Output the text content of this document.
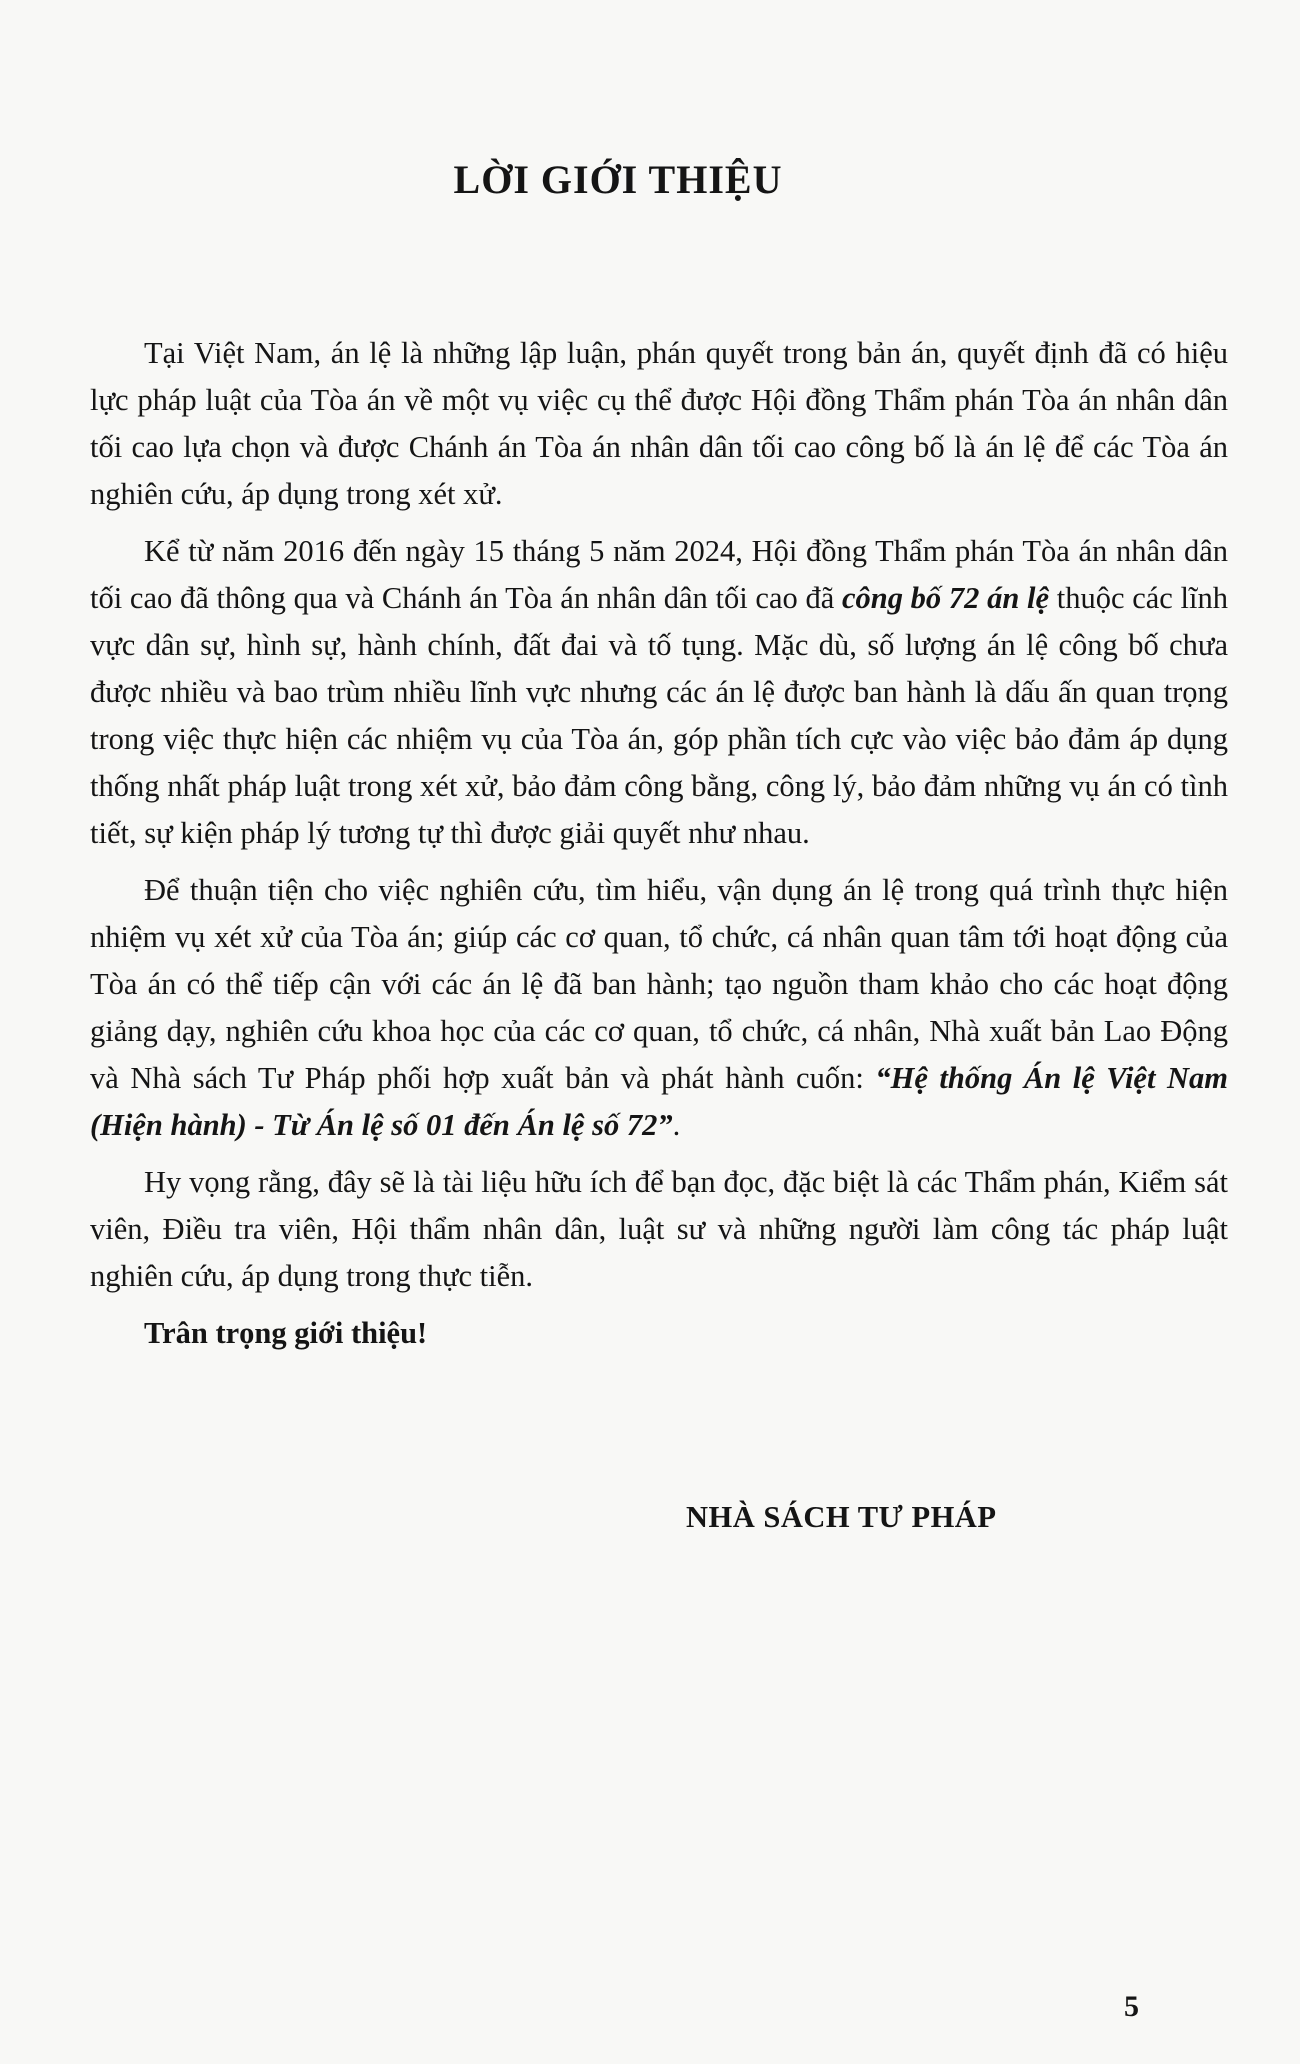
LỜI GIỚI THIỆU

Tại Việt Nam, án lệ là những lập luận, phán quyết trong bản án, quyết định đã có hiệu lực pháp luật của Tòa án về một vụ việc cụ thể được Hội đồng Thẩm phán Tòa án nhân dân tối cao lựa chọn và được Chánh án Tòa án nhân dân tối cao công bố là án lệ để các Tòa án nghiên cứu, áp dụng trong xét xử.

Kể từ năm 2016 đến ngày 15 tháng 5 năm 2024, Hội đồng Thẩm phán Tòa án nhân dân tối cao đã thông qua và Chánh án Tòa án nhân dân tối cao đã công bố 72 án lệ thuộc các lĩnh vực dân sự, hình sự, hành chính, đất đai và tố tụng. Mặc dù, số lượng án lệ công bố chưa được nhiều và bao trùm nhiều lĩnh vực nhưng các án lệ được ban hành là dấu ấn quan trọng trong việc thực hiện các nhiệm vụ của Tòa án, góp phần tích cực vào việc bảo đảm áp dụng thống nhất pháp luật trong xét xử, bảo đảm công bằng, công lý, bảo đảm những vụ án có tình tiết, sự kiện pháp lý tương tự thì được giải quyết như nhau.

Để thuận tiện cho việc nghiên cứu, tìm hiểu, vận dụng án lệ trong quá trình thực hiện nhiệm vụ xét xử của Tòa án; giúp các cơ quan, tổ chức, cá nhân quan tâm tới hoạt động của Tòa án có thể tiếp cận với các án lệ đã ban hành; tạo nguồn tham khảo cho các hoạt động giảng dạy, nghiên cứu khoa học của các cơ quan, tổ chức, cá nhân, Nhà xuất bản Lao Động và Nhà sách Tư Pháp phối hợp xuất bản và phát hành cuốn: “Hệ thống Án lệ Việt Nam (Hiện hành) - Từ Án lệ số 01 đến Án lệ số 72”.

Hy vọng rằng, đây sẽ là tài liệu hữu ích để bạn đọc, đặc biệt là các Thẩm phán, Kiểm sát viên, Điều tra viên, Hội thẩm nhân dân, luật sư và những người làm công tác pháp luật nghiên cứu, áp dụng trong thực tiễn.

Trân trọng giới thiệu!

NHÀ SÁCH TƯ PHÁP
5
